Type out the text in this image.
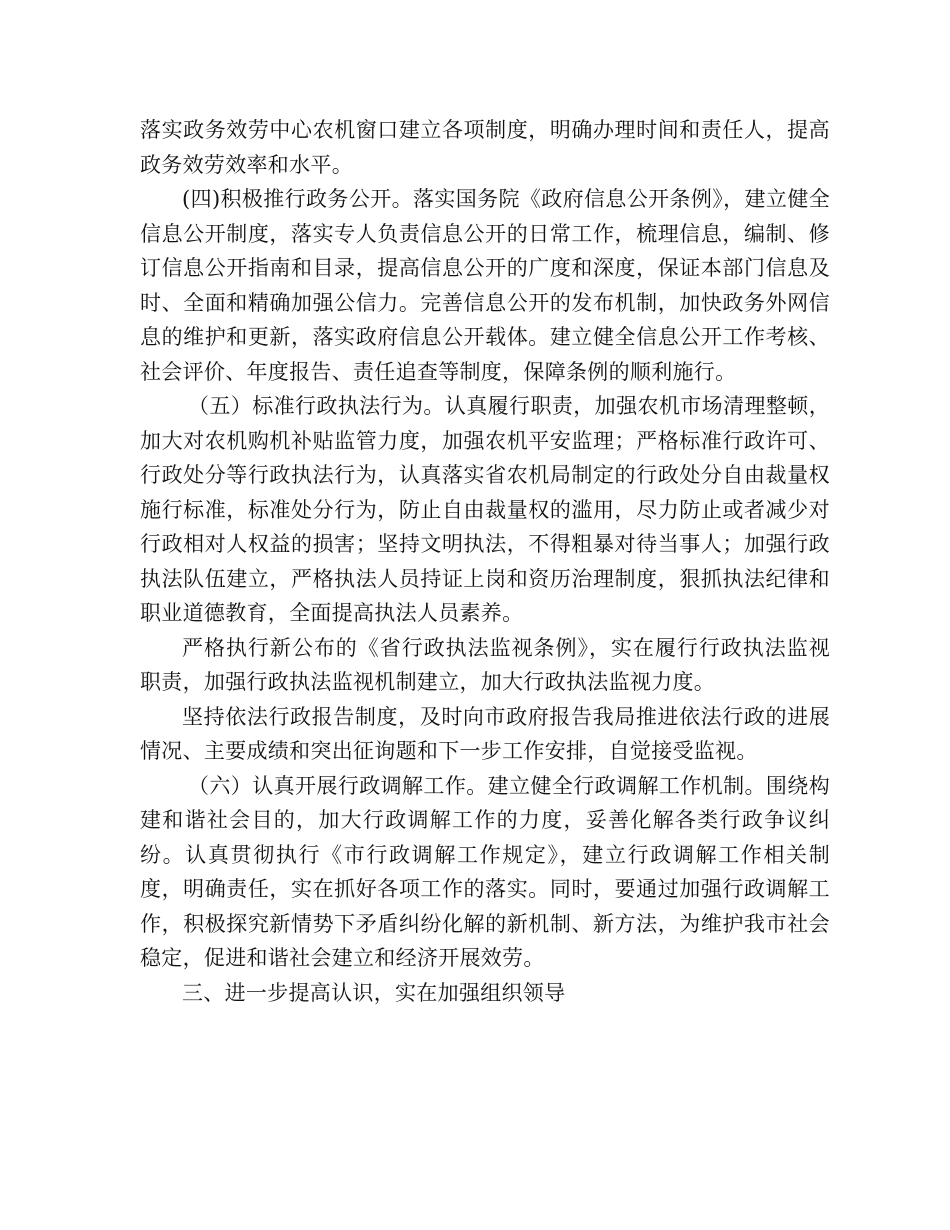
落实政务效劳中心农机窗口建立各项制度，明确办理时间和责任人，提高政务效劳效率和水平。

(四)积极推行政务公开。落实国务院《政府信息公开条例》，建立健全信息公开制度，落实专人负责信息公开的日常工作，梳理信息，编制、修订信息公开指南和目录，提高信息公开的广度和深度，保证本部门信息及时、全面和精确加强公信力。完善信息公开的发布机制，加快政务外网信息的维护和更新，落实政府信息公开载体。建立健全信息公开工作考核、社会评价、年度报告、责任追查等制度，保障条例的顺利施行。

（五）标准行政执法行为。认真履行职责，加强农机市场清理整顿，加大对农机购机补贴监管力度，加强农机平安监理；严格标准行政许可、行政处分等行政执法行为，认真落实省农机局制定的行政处分自由裁量权施行标准，标准处分行为，防止自由裁量权的滥用，尽力防止或者减少对行政相对人权益的损害；坚持文明执法，不得粗暴对待当事人；加强行政执法队伍建立，严格执法人员持证上岗和资历治理制度，狠抓执法纪律和职业道德教育，全面提高执法人员素养。

严格执行新公布的《省行政执法监视条例》，实在履行行政执法监视职责，加强行政执法监视机制建立，加大行政执法监视力度。

坚持依法行政报告制度，及时向市政府报告我局推进依法行政的进展情况、主要成绩和突出征询题和下一步工作安排，自觉接受监视。

（六）认真开展行政调解工作。建立健全行政调解工作机制。围绕构建和谐社会目的，加大行政调解工作的力度，妥善化解各类行政争议纠纷。认真贯彻执行《市行政调解工作规定》，建立行政调解工作相关制度，明确责任，实在抓好各项工作的落实。同时，要通过加强行政调解工作，积极探究新情势下矛盾纠纷化解的新机制、新方法，为维护我市社会稳定，促进和谐社会建立和经济开展效劳。

三、进一步提高认识，实在加强组织领导
